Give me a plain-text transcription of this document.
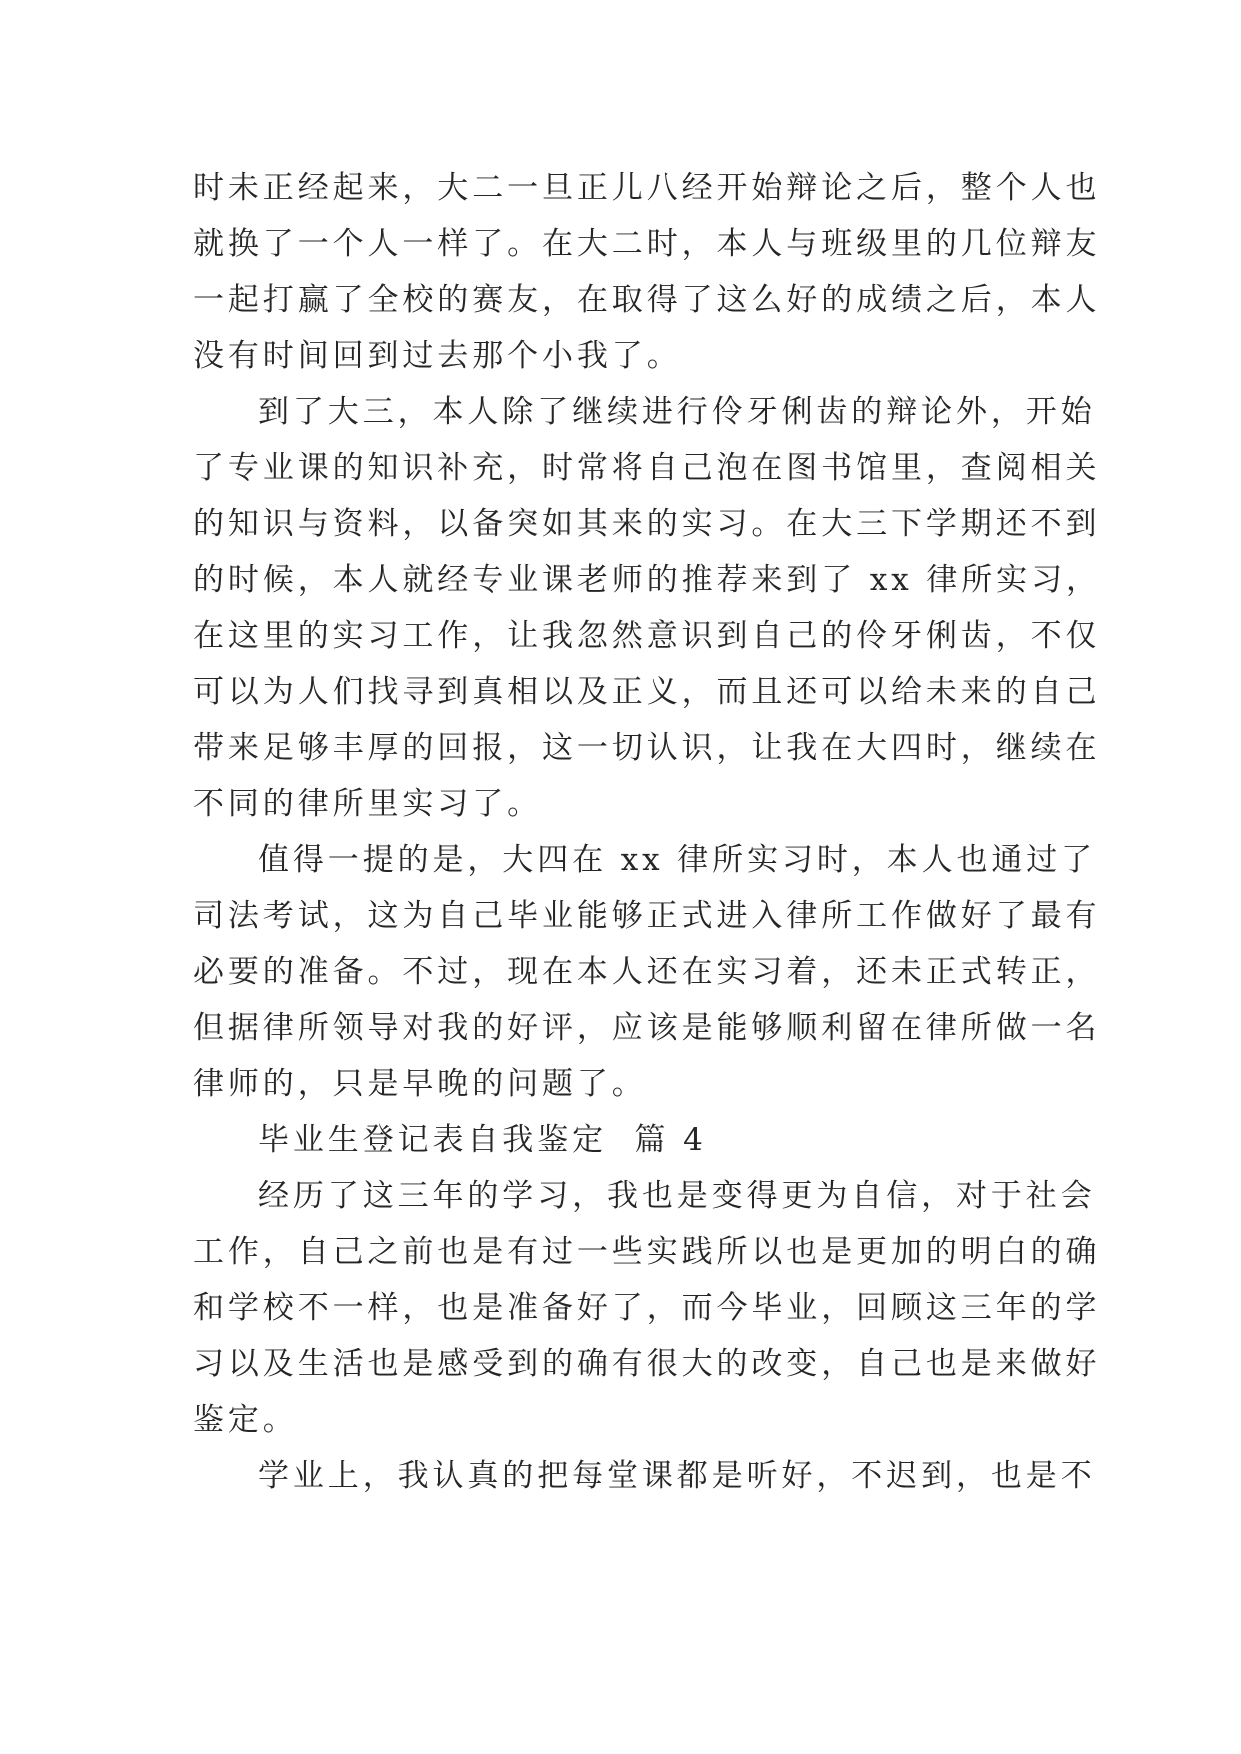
时未正经起来，大二一旦正儿八经开始辩论之后，整个人也
就换了一个人一样了。在大二时，本人与班级里的几位辩友
一起打赢了全校的赛友，在取得了这么好的成绩之后，本人
没有时间回到过去那个小我了。
到了大三，本人除了继续进行伶牙俐齿的辩论外，开始
了专业课的知识补充，时常将自己泡在图书馆里，查阅相关
的知识与资料，以备突如其来的实习。在大三下学期还不到
的时候，本人就经专业课老师的推荐来到了 xx 律所实习，
在这里的实习工作，让我忽然意识到自己的伶牙俐齿，不仅
可以为人们找寻到真相以及正义，而且还可以给未来的自己
带来足够丰厚的回报，这一切认识，让我在大四时，继续在
不同的律所里实习了。
值得一提的是，大四在 xx 律所实习时，本人也通过了
司法考试，这为自己毕业能够正式进入律所工作做好了最有
必要的准备。不过，现在本人还在实习着，还未正式转正，
但据律所领导对我的好评，应该是能够顺利留在律所做一名
律师的，只是早晚的问题了。
毕业生登记表自我鉴定  篇 4
经历了这三年的学习，我也是变得更为自信，对于社会
工作，自己之前也是有过一些实践所以也是更加的明白的确
和学校不一样，也是准备好了，而今毕业，回顾这三年的学
习以及生活也是感受到的确有很大的改变，自己也是来做好
鉴定。
学业上，我认真的把每堂课都是听好，不迟到，也是不
